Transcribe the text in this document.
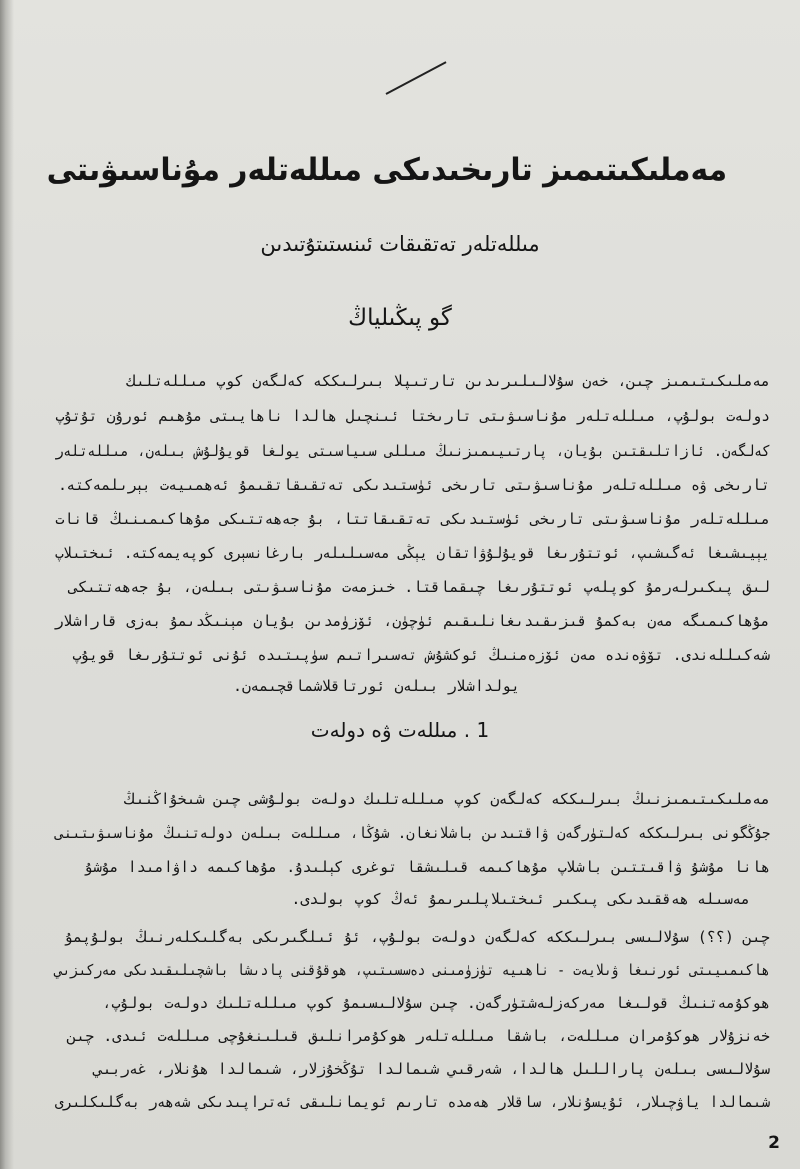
مەملىكىتىمىز تارىخىدىكى مىللەتلەر مۇناسىۋىتى
مىللەتلەر تەتقىقات ئىنستىتۇتىدىن
گو پىڭىلياڭ
مەملىكىتىمىز چىن، خەن سۇلالىلىرىدىن تارتىپلا بىرلىككە كەلگەن كوپ مىللەتلىك
دولەت بولۇپ، مىللەتلەر مۇناسىۋىتى تارىختا ئىنچىل ھالدا ناھايىتى مۇھىم ئورۇن تۇتۇپ
كەلگەن. ئازاتلىقتىن بۇيان، پارتىيىمىزنىڭ مىللى سىياسىتى يولغا قويۇلۇش بىلەن، مىللەتلەر
تارىخى ۋە مىللەتلەر مۇناسىۋىتى تارىخى ئۈستىدىكى تەتقىقاتقىمۇ ئەھمىيەت بېرىلمەكتە.
مىللەتلەر مۇناسىۋىتى تارىخى ئۈستىدىكى تەتقىقاتتا، بۇ جەھەتتىكى مۇھاكىمىنىڭ قانات
يېيىشىغا ئەگىشىپ، ئوتتۇرىغا قويۇلۇۋاتقان يېڭى مەسىلىلەر بارغانسېرى كوپەيمەكتە. ئىختىلاپ
لىق پىكىرلەرمۇ كوپلەپ ئوتتۇرىغا چىقماقتا. خىزمەت مۇناسىۋىتى بىلەن، بۇ جەھەتتىكى
مۇھاكىمىگە مەن بەكمۇ قىزىقىدىغانلىقىم ئۈچۈن، ئۆزۈمدىن بۇيان مېنىڭدىمۇ بەزى قاراشلار
شەكىللەندى. تۆۋەندە مەن ئۆزەمنىڭ ئوكشۇش تەسىراتىم سۈپىتىدە ئۇنى ئوتتۇرىغا قويۇپ
يولداشلار بىلەن ئورتاقلاشماقچىمەن.
1 . مىللەت ۋە دولەت
مەملىكىتىمىزنىڭ بىرلىككە كەلگەن كوپ مىللەتلىك دولەت بولۇشى چىن شىخۇاڭنىڭ
جۇڭگونى بىرلىككە كەلتۈرگەن ۋاقتىدىن باشلانغان. شۇڭا، مىللەت بىلەن دولەتنىڭ مۇناسىۋىتىنى
ھانا مۇشۇ ۋاقىتتىن باشلاپ مۇھاكىمە قىلىشقا توغرى كېلىدۇ. مۇھاكىمە داۋامىدا مۇشۇ
مەسىلە ھەققىدىكى پىكىر ئىختىلاپلىرىمۇ ئەڭ كوپ بولدى.
چىن (؟؟) سۇلالىسى بىرلىككە كەلگەن دولەت بولۇپ، ئۇ ئىلگىرىكى بەگلىكلەرنىڭ بولۇپمۇ
ھاكىمىيىتى ئورنىغا ۋىلايەت - ناھىيە تۈزۈمىنى دەسسىتىپ، ھوقۇقنى پادىشا باشچىلىقىدىكى مەركىزىي
ھوكۇمەتنىڭ قولىغا مەركەزلەشتۈرگەن. چىن سۇلالىسىمۇ كوپ مىللەتلىك دولەت بولۇپ،
خەنزۇلار ھوكۇمران مىللەت، باشقا مىللەتلەر ھوكۇمرانلىق قىلىنغۇچى مىللەت ئىدى. چىن
سۇلالىسى بىلەن پاراللىل ھالدا، شەرقىي شىمالدا تۇڭخۇزلار، شىمالدا ھۇنلار، غەربىي
شىمالدا ياۋچىلار، ئۇيسۇنلار، ساقلار ھەمدە تارىم ئويمانلىقى ئەتراپىدىكى شەھەر بەگلىكلىرى
2
